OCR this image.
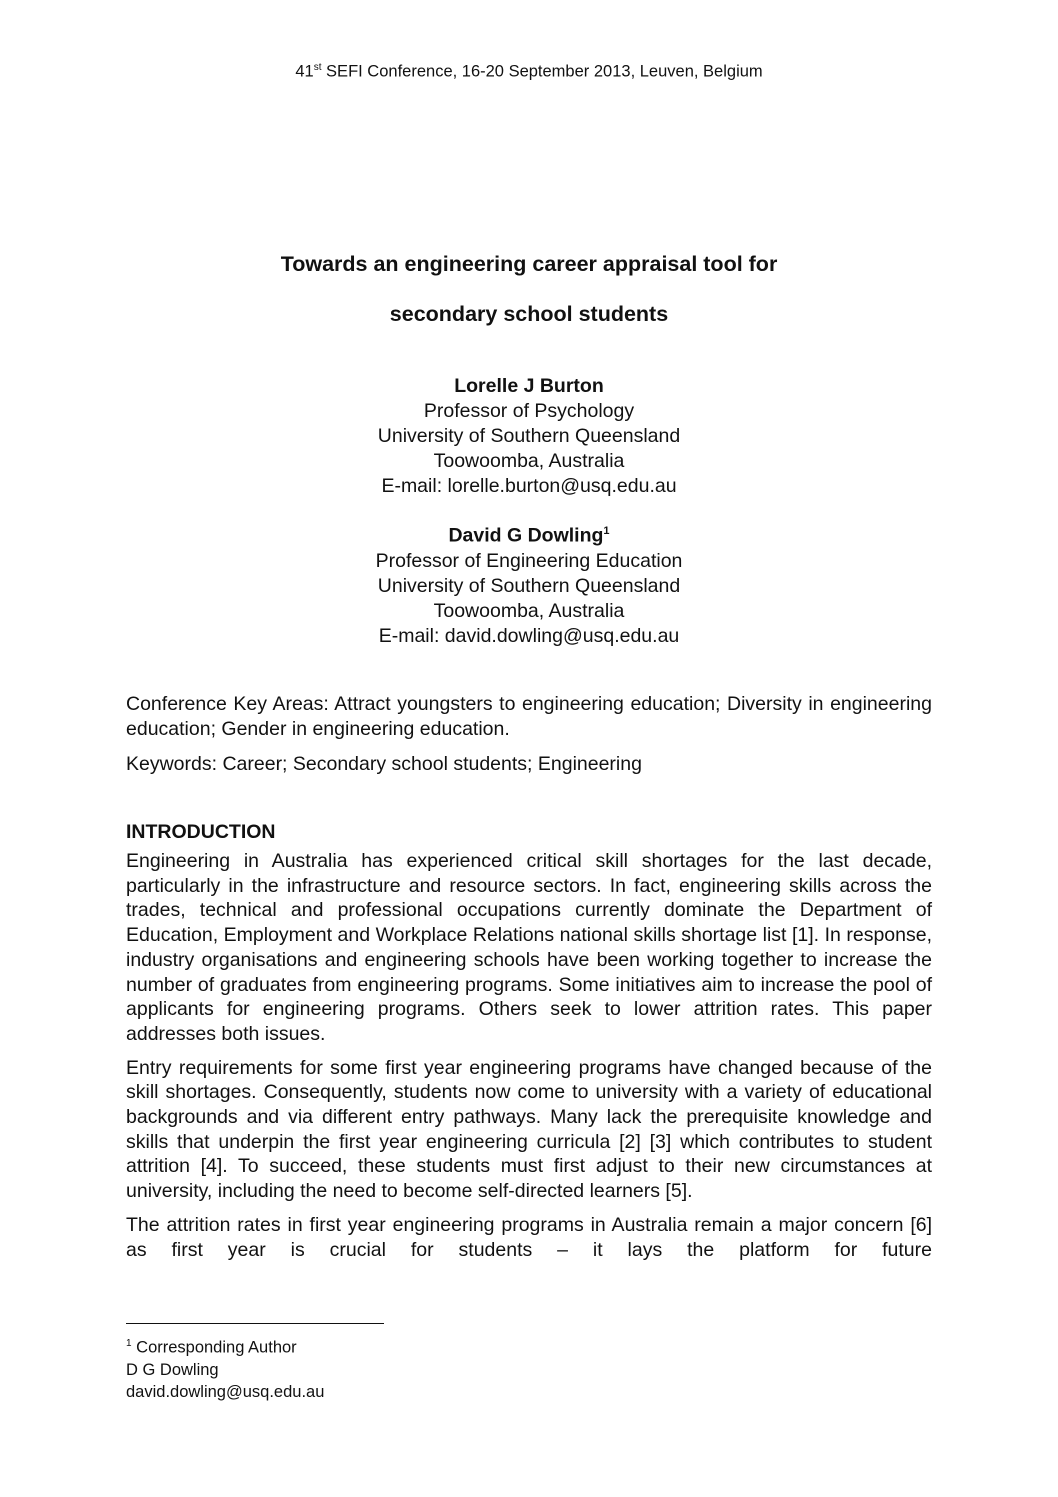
41st SEFI Conference, 16-20 September 2013, Leuven, Belgium
Towards an engineering career appraisal tool for
secondary school students
Lorelle J Burton
Professor of Psychology
University of Southern Queensland
Toowoomba, Australia
E-mail: lorelle.burton@usq.edu.au
David G Dowling$^1$
Professor of Engineering Education
University of Southern Queensland
Toowoomba, Australia
E-mail: david.dowling@usq.edu.au

Conference Key Areas: Attract youngsters to engineering education; Diversity in engineering education; Gender in engineering education.

Keywords: Career; Secondary school students; Engineering

INTRODUCTION

Engineering in Australia has experienced critical skill shortages for the last decade, particularly in the infrastructure and resource sectors. In fact, engineering skills across the trades, technical and professional occupations currently dominate the Department of Education, Employment and Workplace Relations national skills shortage list [1]. In response, industry organisations and engineering schools have been working together to increase the number of graduates from engineering programs. Some initiatives aim to increase the pool of applicants for engineering programs. Others seek to lower attrition rates. This paper addresses both issues.

Entry requirements for some first year engineering programs have changed because of the skill shortages. Consequently, students now come to university with a variety of educational backgrounds and via different entry pathways. Many lack the prerequisite knowledge and skills that underpin the first year engineering curricula [2] [3] which contributes to student attrition [4]. To succeed, these students must first adjust to their new circumstances at university, including the need to become self-directed learners [5].

The attrition rates in first year engineering programs in Australia remain a major concern [6] as first year is crucial for students – it lays the platform for future

$^1$ Corresponding Author
D G Dowling
david.dowling@usq.edu.au
